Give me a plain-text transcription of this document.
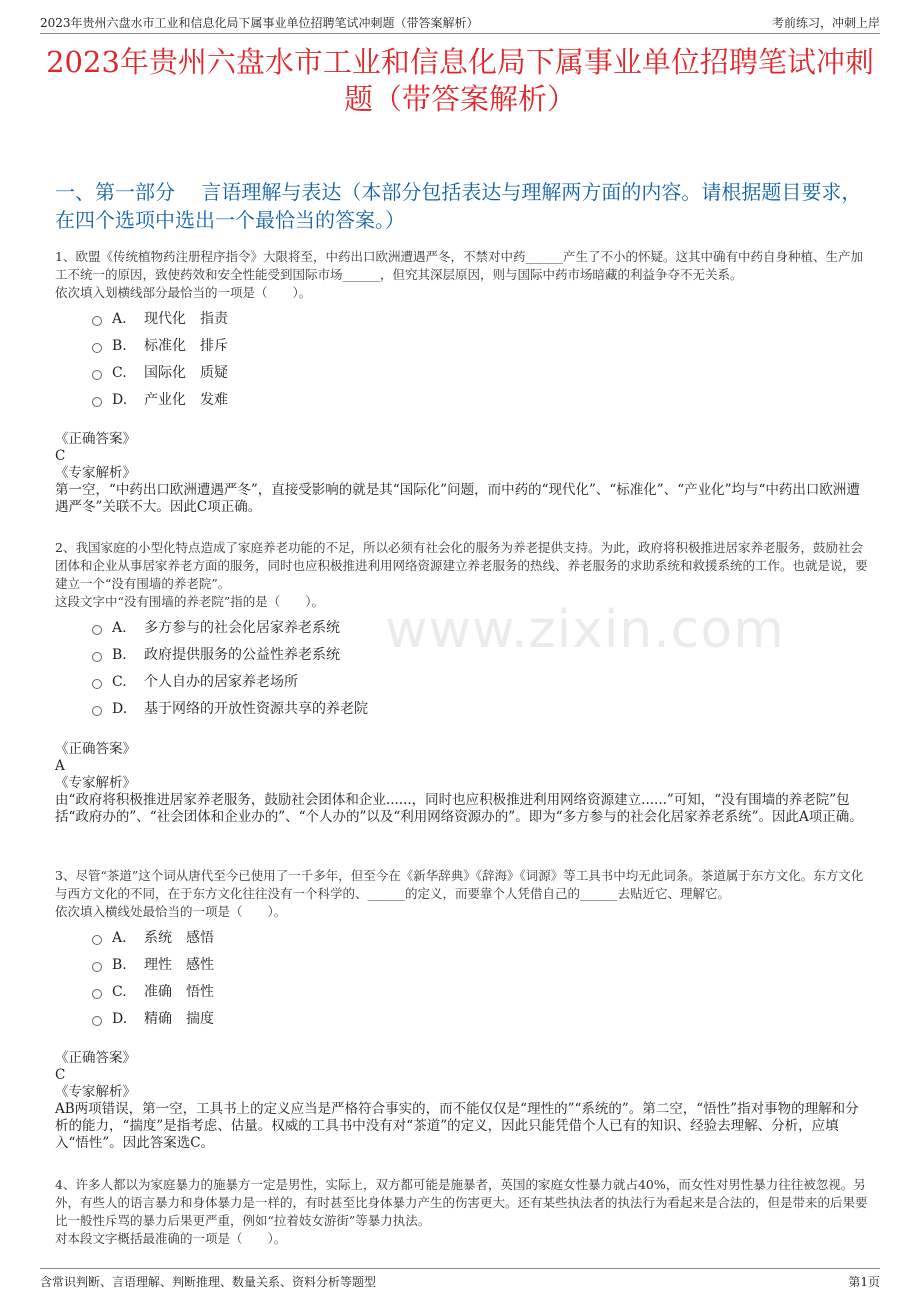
2023年贵州六盘水市工业和信息化局下属事业单位招聘笔试冲刺题（带答案解析）	考前练习，冲刺上岸
2023年贵州六盘水市工业和信息化局下属事业单位招聘笔试冲刺题（带答案解析）
一、第一部分　 言语理解与表达（本部分包括表达与理解两方面的内容。请根据题目要求，在四个选项中选出一个最恰当的答案。）
www.zixin.com

1、欧盟《传统植物药注册程序指令》大限将至，中药出口欧洲遭遇严冬，不禁对中药______产生了不小的怀疑。这其中确有中药自身种植、生产加工不统一的原因，致使药效和安全性能受到国际市场______，但究其深层原因，则与国际中药市场暗藏的利益争夺不无关系。

依次填入划横线部分最恰当的一项是（　　）。

A.	现代化　指责
B.	标准化　排斥
C.	国际化　质疑
D.	产业化　发难

《正确答案》

C

《专家解析》

第一空，“中药出口欧洲遭遇严冬”，直接受影响的就是其“国际化”问题，而中药的“现代化”、“标准化”、“产业化”均与“中药出口欧洲遭遇严冬”关联不大。因此C项正确。

2、我国家庭的小型化特点造成了家庭养老功能的不足，所以必须有社会化的服务为养老提供支持。为此，政府将积极推进居家养老服务，鼓励社会团体和企业从事居家养老方面的服务，同时也应积极推进利用网络资源建立养老服务的热线、养老服务的求助系统和救援系统的工作。也就是说，要建立一个“没有围墙的养老院”。

这段文字中“没有围墙的养老院”指的是（　　）。

A.	多方参与的社会化居家养老系统
B.	政府提供服务的公益性养老系统
C.	个人自办的居家养老场所
D.	基于网络的开放性资源共享的养老院

《正确答案》

A

《专家解析》

由“政府将积极推进居家养老服务，鼓励社会团体和企业......，同时也应积极推进利用网络资源建立......”可知，“没有围墙的养老院”包括“政府办的”、“社会团体和企业办的”、“个人办的”以及“利用网络资源办的”。即为“多方参与的社会化居家养老系统”。因此A项正确。

3、尽管“茶道”这个词从唐代至今已使用了一千多年，但至今在《新华辞典》《辞海》《词源》等工具书中均无此词条。茶道属于东方文化。东方文化与西方文化的不同，在于东方文化往往没有一个科学的、______的定义，而要靠个人凭借自己的______去贴近它、理解它。

依次填入横线处最恰当的一项是（　　）。

A.	系统　感悟
B.	理性　感性
C.	准确　悟性
D.	精确　揣度

《正确答案》

C

《专家解析》

AB两项错误，第一空，工具书上的定义应当是严格符合事实的，而不能仅仅是“理性的”“系统的”。第二空，“悟性”指对事物的理解和分析的能力，“揣度”是指考虑、估量。权威的工具书中没有对“茶道”的定义，因此只能凭借个人已有的知识、经验去理解、分析，应填入“悟性”。因此答案选C。

4、许多人都以为家庭暴力的施暴方一定是男性，实际上，双方都可能是施暴者，英国的家庭女性暴力就占40%，而女性对男性暴力往往被忽视。另外，有些人的语言暴力和身体暴力是一样的，有时甚至比身体暴力产生的伤害更大。还有某些执法者的执法行为看起来是合法的，但是带来的后果要比一般性斥骂的暴力后果更严重，例如“拉着妓女游街”等暴力执法。

对本段文字概括最准确的一项是（　　）。

含常识判断、言语理解、判断推理、数量关系、资料分析等题型	第1页
